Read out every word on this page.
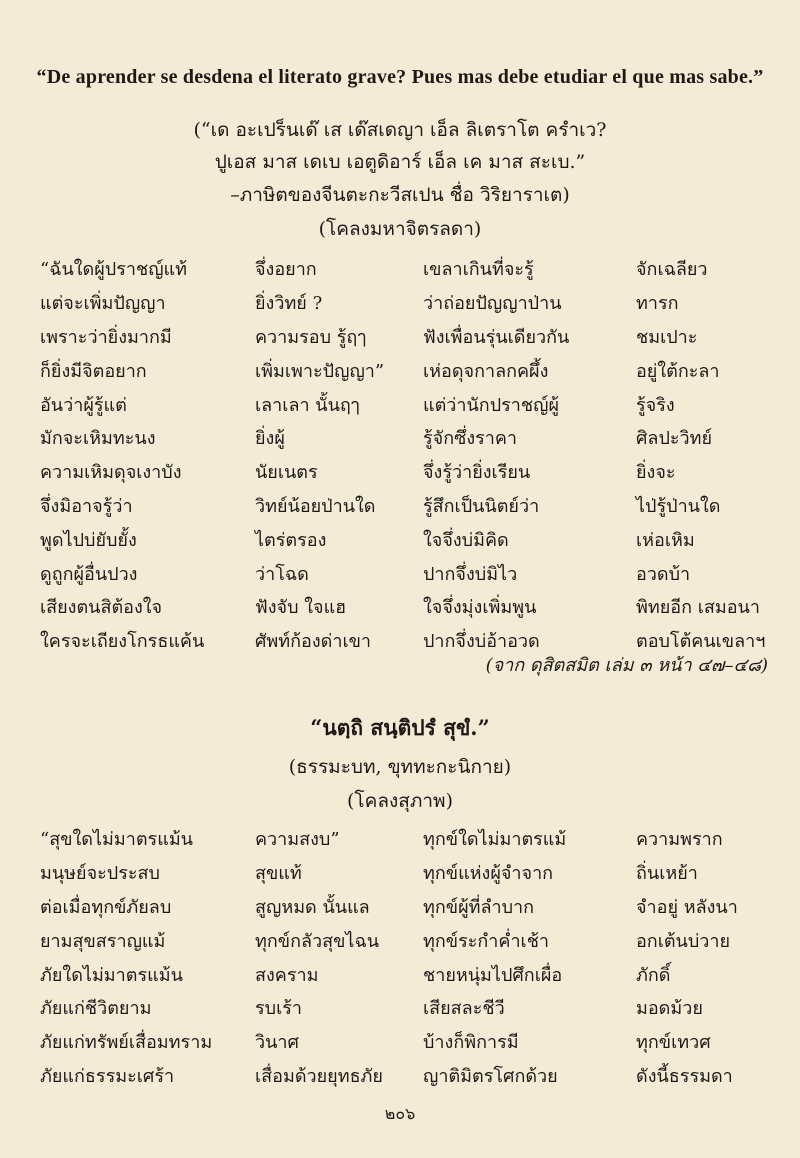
“De aprender se desdena el literato grave? Pues mas debe etudiar el que mas sabe.”
(“เด อะเปร็นเด๊ เส เด๊สเดญา เอ็ล ลิเตราโต ครําเว?
ปูเอส มาส เดเบ เอตูดิอาร์ เอ็ล เค มาส สะเบ.”
–ภาษิตของจีนตะกะวีสเปน ชื่อ วิริยาราเต)
(โคลงมหาจิตรลดา)
“ฉันใดผู้ปราชญ์แท้	จึ่งอยาก	เขลาเกินที่จะรู้	จักเฉลียว
แต่จะเพิ่มปัญญา	ยิ่งวิทย์ ?	ว่าถ่อยปัญญาป่าน	ทารก
เพราะว่ายิ่งมากมี	ความรอบ รู้ฤๅ	ฟังเพื่อนรุ่นเดียวกัน	ชมเปาะ
ก็ยิ่งมีจิตอยาก	เพิ่มเพาะปัญญา”	เห่อดุจกาลกคผึ้ง	อยู่ใต้กะลา
อันว่าผู้รู้แต่	เลาเลา นั้นฤๅ	แต่ว่านักปราชญ์ผู้	รู้จริง
มักจะเหิมทะนง	ยิ่งผู้	รู้จักซึ่งราคา	ศิลปะวิทย์
ความเหิมดุจเงาบัง	นัยเนตร	จึ่งรู้ว่ายิ่งเรียน	ยิ่งจะ
จึ่งมิอาจรู้ว่า	วิทย์น้อยป่านใด	รู้สึกเป็นนิตย์ว่า	ไป่รู้ป่านใด
พูดไปบ่ยับยั้ง	ไตร่ตรอง	ใจจึ่งบ่มิคิด	เห่อเหิม
ดูถูกผู้อื่นปวง	ว่าโฉด	ปากจึ่งบ่มิไว	อวดบ้า
เสียงตนสิต้องใจ	ฟังจับ ใจแฮ	ใจจึ่งมุ่งเพิ่มพูน	พิทยอีก เสมอนา
ใครจะเถียงโกรธแค้น	ศัพท์ก้องด่าเขา	ปากจึ่งบ่อ้าอวด	ตอบโต้คนเขลาฯ
(จาก ดุสิตสมิต เล่ม ๓ หน้า ๔๗–๔๘)
“นตฺถิ สนฺติปรํ สุขํ.”
(ธรรมะบท, ขุททะกะนิกาย)
(โคลงสุภาพ)
“สุขใดไม่มาตรแม้น	ความสงบ”	ทุกข์ใดไม่มาตรแม้	ความพราก
มนุษย์จะประสบ	สุขแท้	ทุกข์แห่งผู้จำจาก	ถิ่นเหย้า
ต่อเมื่อทุกข์ภัยลบ	สูญหมด นั้นแล	ทุกข์ผู้ที่ลำบาก	จำอยู่ หลังนา
ยามสุขสราญแม้	ทุกข์กลัวสุขไฉน	ทุกข์ระกำค่ำเช้า	อกเต้นบ่วาย
ภัยใดไม่มาตรแม้น	สงคราม	ชายหนุ่มไปศึกเผื่อ	ภักดิ์
ภัยแก่ชีวิตยาม	รบเร้า	เสียสละชีวี	มอดม้วย
ภัยแก่ทรัพย์เสื่อมทราม	วินาศ	บ้างก็พิการมี	ทุกข์เทวศ
ภัยแก่ธรรมะเศร้า	เสื่อมด้วยยุทธภัย	ญาติมิตรโศกด้วย	ดังนี้ธรรมดา
๒๐๖
